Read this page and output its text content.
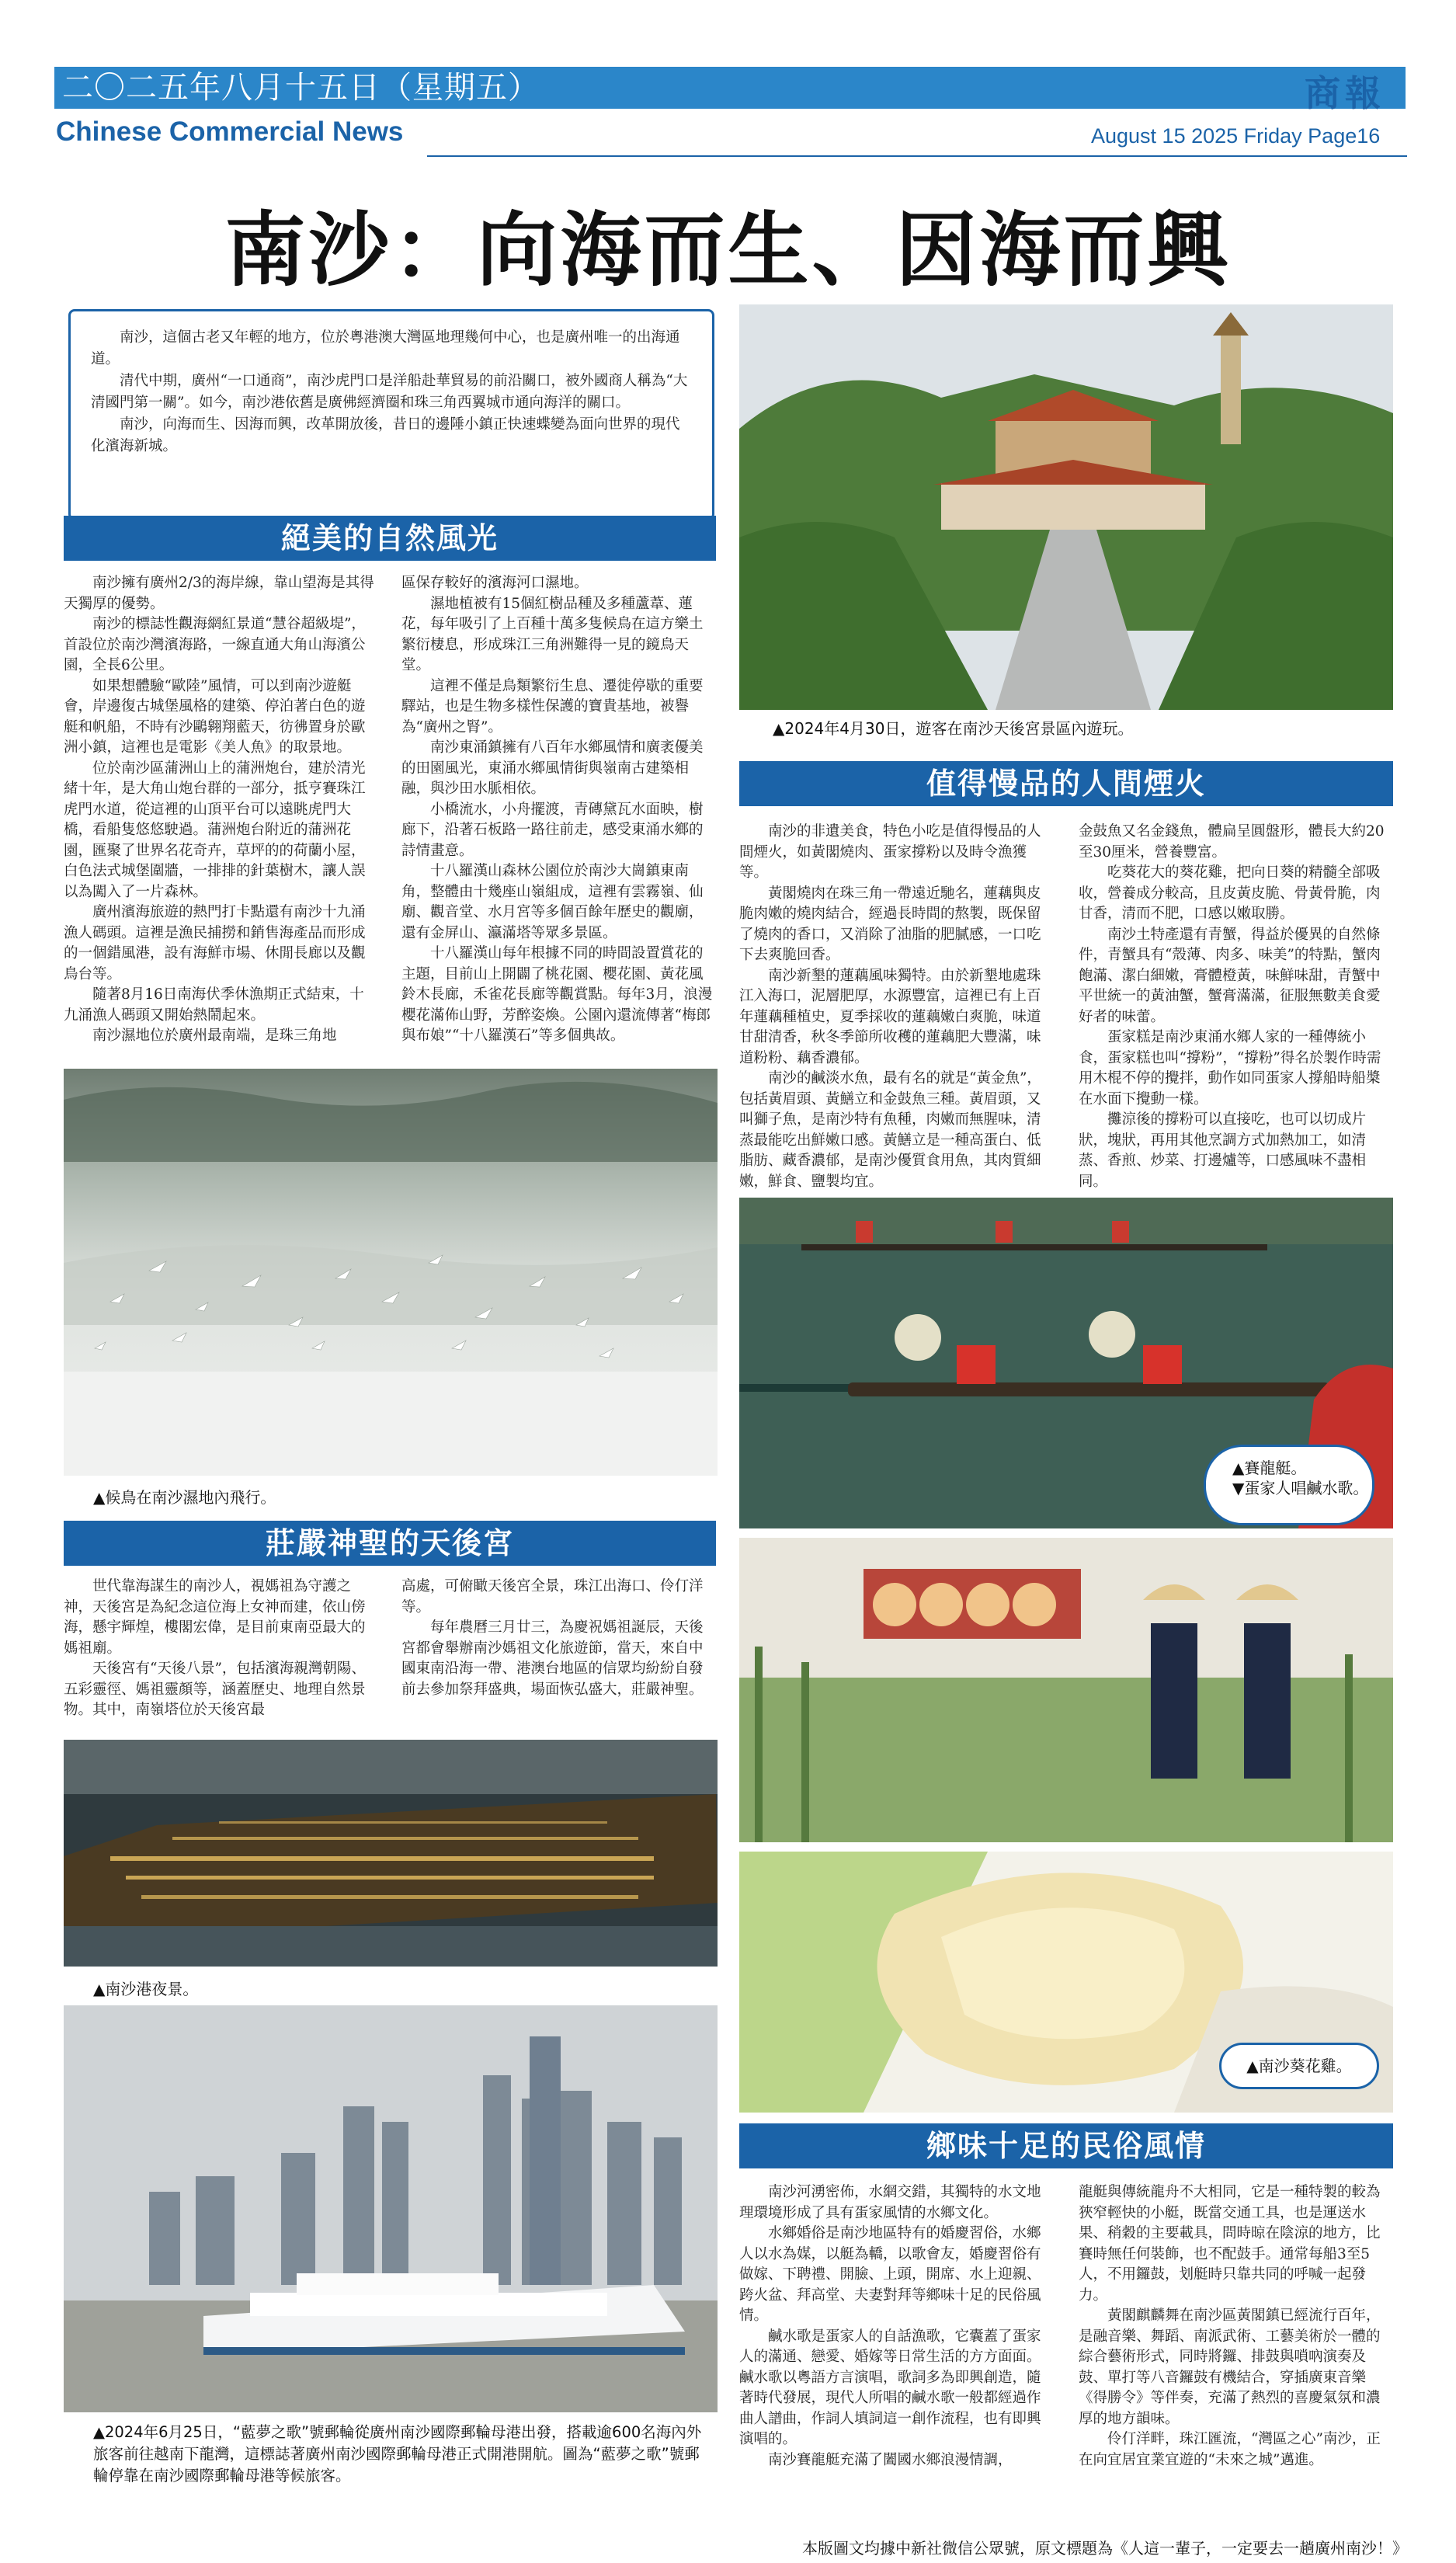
二〇二五年八月十五日（星期五）	商報
Chinese Commercial News	August 15 2025 Friday Page16
南沙：向海而生、因海而興

南沙，這個古老又年輕的地方，位於粵港澳大灣區地理幾何中心，也是廣州唯一的出海通道。

清代中期，廣州“一口通商”，南沙虎門口是洋船赴華貿易的前沿關口，被外國商人稱為“大清國門第一關”。如今，南沙港依舊是廣佛經濟圈和珠三角西翼城市通向海洋的關口。

南沙，向海而生、因海而興，改革開放後，昔日的邊陲小鎮正快速蝶變為面向世界的現代化濱海新城。

絕美的自然風光

南沙擁有廣州2/3的海岸線，靠山望海是其得天獨厚的優勢。

南沙的標誌性觀海網紅景道“慧谷超級堤”，首設位於南沙灣濱海路，一線直通大角山海濱公園，全長6公里。

如果想體驗“歐陸”風情，可以到南沙遊艇會，岸邊復古城堡風格的建築、停泊著白色的遊艇和帆船，不時有沙鷗翱翔藍天，彷彿置身於歐洲小鎮，這裡也是電影《美人魚》的取景地。

位於南沙區蒲洲山上的蒲洲炮台，建於清光緒十年，是大角山炮台群的一部分，抵亨賽珠江虎門水道，從這裡的山頂平台可以遠眺虎門大橋，看船隻悠悠駛過。蒲洲炮台附近的蒲洲花園，匯聚了世界名花奇卉，草坪的的荷蘭小屋，白色法式城堡圍牆，一排排的針葉樹木，讓人誤以為闖入了一片森林。

廣州濱海旅遊的熱門打卡點還有南沙十九涌漁人碼頭。這裡是漁民捕撈和銷售海產品而形成的一個錯風港，設有海鮮市場、休閒長廊以及觀鳥台等。

隨著8月16日南海伏季休漁期正式結束，十九涌漁人碼頭又開始熱鬧起來。

南沙濕地位於廣州最南端，是珠三角地

區保存較好的濱海河口濕地。

濕地植被有15個紅樹品種及多種蘆葦、蓮花，每年吸引了上百種十萬多隻候鳥在這方樂土繁衍棲息，形成珠江三角洲難得一見的鏡鳥天堂。

這裡不僅是鳥類繁衍生息、遷徙停歇的重要驛站，也是生物多樣性保護的寶貴基地，被譽為“廣州之腎”。

南沙東涌鎮擁有八百年水鄉風情和廣袤優美的田園風光，東涌水鄉風情街與嶺南古建築相融，與沙田水脈相依。

小橋流水，小舟擺渡，青磚黛瓦水面映，樹廊下，沿著石板路一路往前走，感受東涌水鄉的詩情畫意。

十八羅漢山森林公園位於南沙大崗鎮東南角，整體由十幾座山嶺組成，這裡有雲霧嶺、仙廟、觀音堂、水月宮等多個百餘年歷史的觀廟，還有金屏山、瀛滿塔等眾多景區。

十八羅漢山每年根據不同的時間設置賞花的主題，目前山上開闢了桃花園、櫻花園、黃花風鈴木長廊，禾雀花長廊等觀賞點。每年3月，浪漫櫻花滿佈山野，芳醉姿煥。公園內還流傳著“梅郎與布娘”“十八羅漢石”等多個典故。

▲候鳥在南沙濕地內飛行。
莊嚴神聖的天後宮

世代靠海謀生的南沙人，視媽祖為守護之神，天後宮是為紀念這位海上女神而建，依山傍海，懸宇輝煌，樓閣宏偉，是目前東南亞最大的媽祖廟。

天後宮有“天後八景”，包括濱海親灣朝陽、五彩靈徑、媽祖靈顏等，涵蓋歷史、地理自然景物。其中，南嶺塔位於天後宮最

高處，可俯瞰天後宮全景，珠江出海口、伶仃洋等。

每年農曆三月廿三，為慶祝媽祖誕辰，天後宮都會舉辦南沙媽祖文化旅遊節，當天，來自中國東南沿海一帶、港澳台地區的信眾均紛紛自發前去參加祭拜盛典，場面恢弘盛大，莊嚴神聖。

▲南沙港夜景。
▲2024年6月25日，“藍夢之歌”號郵輪從廣州南沙國際郵輪母港出發，搭載逾600名海內外旅客前往越南下龍灣，這標誌著廣州南沙國際郵輪母港正式開港開航。圖為“藍夢之歌”號郵輪停靠在南沙國際郵輪母港等候旅客。
▲2024年4月30日，遊客在南沙天後宮景區內遊玩。
值得慢品的人間煙火

南沙的非遺美食，特色小吃是值得慢品的人間煙火，如黃閣燒肉、蛋家撐粉以及時令漁獲等。

黃閣燒肉在珠三角一帶遠近馳名，蓮藕與皮脆肉嫩的燒肉結合，經過長時間的熬製，既保留了燒肉的香口，又消除了油脂的肥膩感，一口吃下去爽脆回香。

南沙新墾的蓮藕風味獨特。由於新墾地處珠江入海口，泥層肥厚，水源豐富，這裡已有上百年蓮藕種植史，夏季採收的蓮藕嫩白爽脆，味道甘甜清香，秋冬季節所收穫的蓮藕肥大豐滿，味道粉粉、藕香濃郁。

南沙的鹹淡水魚，最有名的就是“黃金魚”，包括黃眉頭、黃鱔立和金鼓魚三種。黃眉頭，又叫獅子魚，是南沙特有魚種，肉嫩而無腥味，清蒸最能吃出鮮嫩口感。黃鱔立是一種高蛋白、低脂肪、藏香濃郁，是南沙優質食用魚，其肉質細嫩，鮮食、鹽製均宜。

金鼓魚又名金錢魚，體扁呈圓盤形，體長大約20至30厘米，營養豐富。

吃葵花大的葵花雞，把向日葵的精髓全部吸收，營養成分較高，且皮黃皮脆、骨黃骨脆，肉甘香，清而不肥，口感以嫩取勝。

南沙土特產還有青蟹，得益於優異的自然條件，青蟹具有“殼薄、肉多、味美”的特點，蟹肉飽滿、潔白細嫩，膏體橙黃，味鮮味甜，青蟹中平世統一的黃油蟹，蟹膏滿滿，征服無數美食愛好者的味蕾。

蛋家糕是南沙東涌水鄉人家的一種傳統小食，蛋家糕也叫“撐粉”，“撐粉”得名於製作時需用木棍不停的攪拌，動作如同蛋家人撐船時船槳在水面下攪動一樣。

攤涼後的撐粉可以直接吃，也可以切成片狀，塊狀，再用其他烹調方式加熱加工，如清蒸、香煎、炒菜、打邊爐等，口感風味不盡相同。

▲賽龍艇。
▼蛋家人唱鹹水歌。
▲南沙葵花雞。
鄉味十足的民俗風情

南沙河湧密佈，水網交錯，其獨特的水文地理環境形成了具有蛋家風情的水鄉文化。

水鄉婚俗是南沙地區特有的婚慶習俗，水鄉人以水為媒，以艇為轎，以歌會友，婚慶習俗有做嫁、下聘禮、開臉、上頭，開席、水上迎親、跨火盆、拜高堂、夫妻對拜等鄉味十足的民俗風情。

鹹水歌是蛋家人的自話漁歌，它囊蓋了蛋家人的滿通、戀愛、婚嫁等日常生活的方方面面。鹹水歌以粵語方言演唱，歌詞多為即興創造，隨著時代發展，現代人所唱的鹹水歌一般都經過作曲人譜曲，作詞人填詞這一創作流程，也有即興演唱的。

南沙賽龍艇充滿了闔國水鄉浪漫情調，

龍艇與傳統龍舟不大相同，它是一種特製的較為狹窄輕快的小艇，既當交通工具，也是運送水果、稍穀的主要載具，問時晾在陰涼的地方，比賽時無任何裝飾，也不配鼓手。通常每船3至5人，不用鑼鼓，划艇時只靠共同的呼喊一起發力。

黃閣麒麟舞在南沙區黃閣鎮已經流行百年，是融音樂、舞蹈、南派武術、工藝美術於一體的綜合藝術形式，同時將鑼、排鼓與嗩吶演奏及鼓、單打等八音鑼鼓有機結合，穿插廣東音樂《得勝令》等伴奏，充滿了熱烈的喜慶氣氛和濃厚的地方韻味。

伶仃洋畔，珠江匯流，“灣區之心”南沙，正在向宜居宜業宜遊的“未來之城”邁進。

本版圖文均據中新社微信公眾號，原文標題為《人這一輩子，一定要去一趟廣州南沙！》
